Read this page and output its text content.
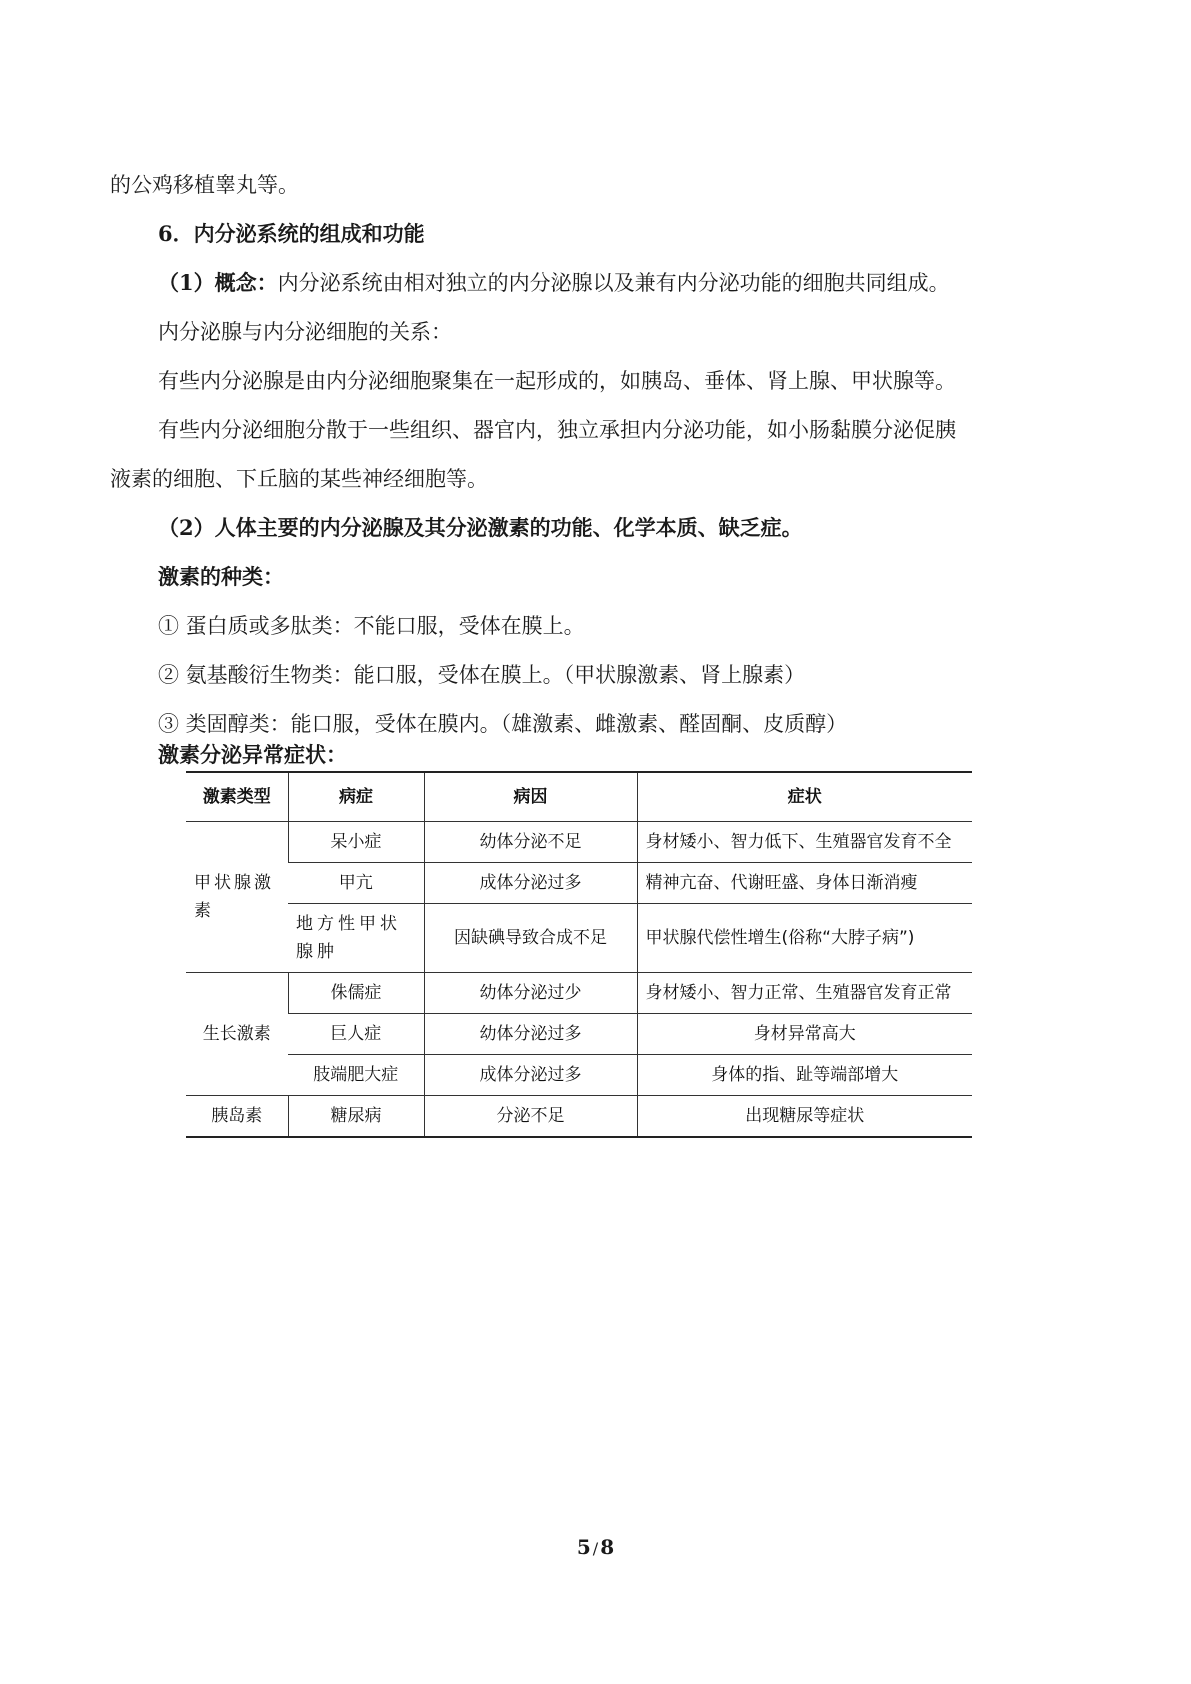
的公鸡移植睾丸等。
6．内分泌系统的组成和功能
（1）概念：内分泌系统由相对独立的内分泌腺以及兼有内分泌功能的细胞共同组成。
内分泌腺与内分泌细胞的关系：
有些内分泌腺是由内分泌细胞聚集在一起形成的，如胰岛、垂体、肾上腺、甲状腺等。
有些内分泌细胞分散于一些组织、器官内，独立承担内分泌功能，如小肠黏膜分泌促胰
液素的细胞、下丘脑的某些神经细胞等。
（2）人体主要的内分泌腺及其分泌激素的功能、化学本质、缺乏症。
激素的种类：
① 蛋白质或多肽类：不能口服，受体在膜上。
② 氨基酸衍生物类：能口服，受体在膜上。（甲状腺激素、肾上腺素）
③ 类固醇类：能口服，受体在膜内。（雄激素、雌激素、醛固酮、皮质醇）
激素分泌异常症状：
激素类型	病症	病因	症状
甲状腺激素	呆小症	幼体分泌不足	身材矮小、智力低下、生殖器官发育不全
	甲亢	成体分泌过多	精神亢奋、代谢旺盛、身体日渐消瘦
	地方性甲状腺肿	因缺碘导致合成不足	甲状腺代偿性增生(俗称“大脖子病”)
生长激素	侏儒症	幼体分泌过少	身材矮小、智力正常、生殖器官发育正常
	巨人症	幼体分泌过多	身材异常高大
	肢端肥大症	成体分泌过多	身体的指、趾等端部增大
胰岛素	糖尿病	分泌不足	出现糖尿等症状
5 / 8
